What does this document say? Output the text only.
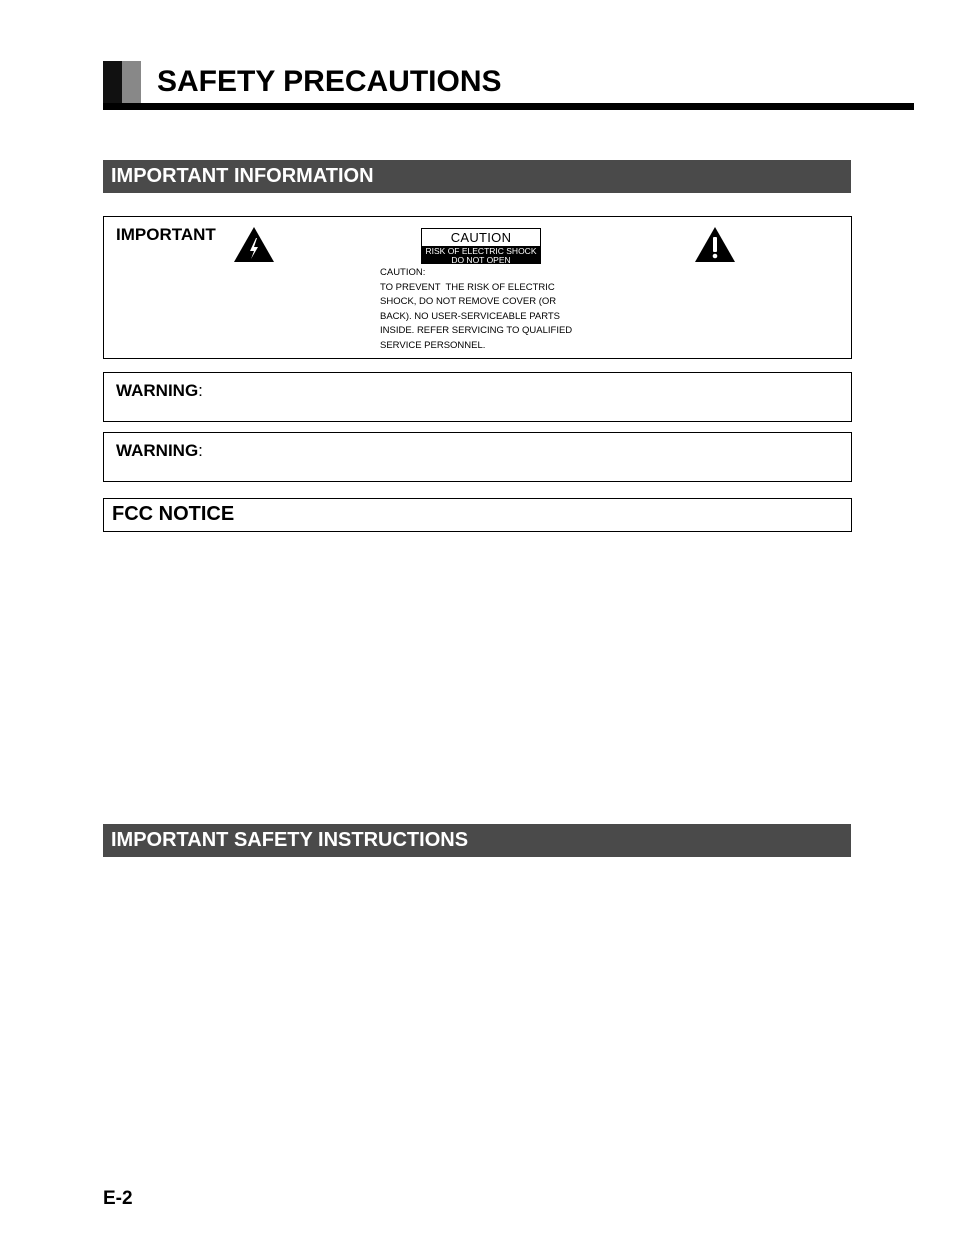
SAFETY PRECAUTIONS
IMPORTANT INFORMATION
IMPORTANT	CAUTION
RISK OF ELECTRIC SHOCK
DO NOT OPEN
CAUTION:
TO PREVENT  THE RISK OF ELECTRIC
SHOCK, DO NOT REMOVE COVER (OR
BACK). NO USER-SERVICEABLE PARTS
INSIDE. REFER SERVICING TO QUALIFIED
SERVICE PERSONNEL.
WARNING:
WARNING:
FCC NOTICE
IMPORTANT SAFETY INSTRUCTIONS
E-2
